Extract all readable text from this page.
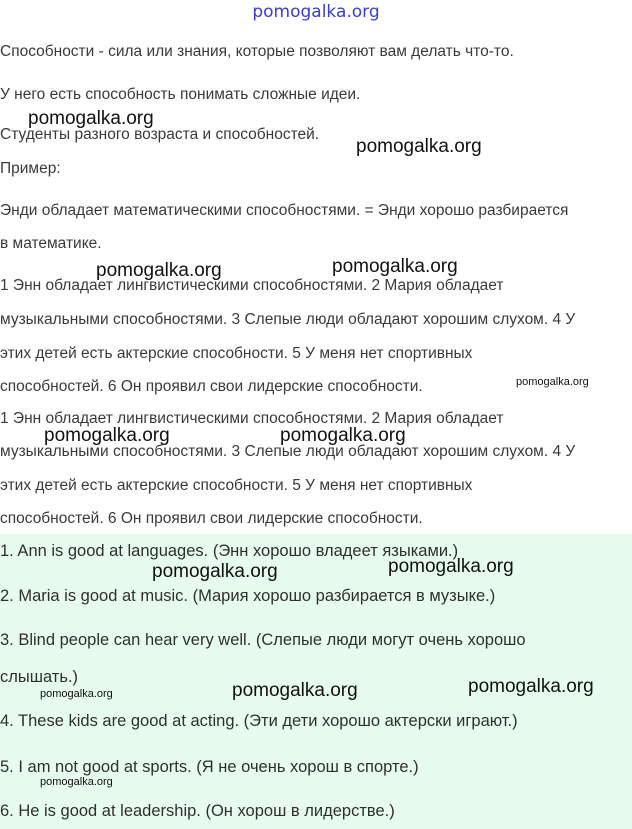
pomogalka.org
Способности - сила или знания, которые позволяют вам делать что-то.
У него есть способность понимать сложные идеи.
Студенты разного возраста и способностей.
Пример:
Энди обладает математическими способностями. = Энди хорошо разбирается
в математике.
1 Энн обладает лингвистическими способностями. 2 Мария обладает
музыкальными способностями. 3 Слепые люди обладают хорошим слухом. 4 У
этих детей есть актерские способности. 5 У меня нет спортивных
способностей. 6 Он проявил свои лидерские способности.
1 Энн обладает лингвистическими способностями. 2 Мария обладает
музыкальными способностями. 3 Слепые люди обладают хорошим слухом. 4 У
этих детей есть актерские способности. 5 У меня нет спортивных
способностей. 6 Он проявил свои лидерские способности.
1. Ann is good at languages. (Энн хорошо владеет языками.)
2. Maria is good at music. (Мария хорошо разбирается в музыке.)
3. Blind people can hear very well. (Слепые люди могут очень хорошо
слышать.)
4. These kids are good at acting. (Эти дети хорошо актерски играют.)
5. I am not good at sports. (Я не очень хорош в спорте.)
6. He is good at leadership. (Он хорош в лидерстве.)
pomogalka.org
pomogalka.org
pomogalka.org	pomogalka.org
pomogalka.org
pomogalka.org	pomogalka.org
pomogalka.org	pomogalka.org
pomogalka.org	pomogalka.org	pomogalka.org
pomogalka.org
